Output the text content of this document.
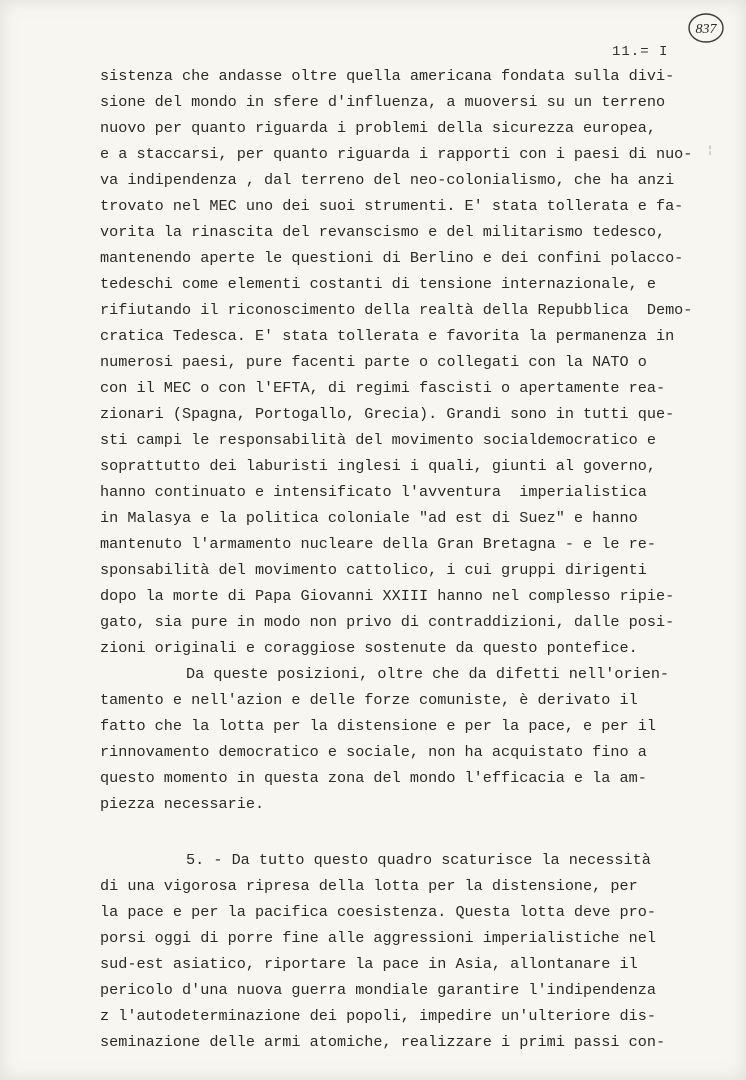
837
11.= I
¦
sistenza che andasse oltre quella americana fondata sulla divi-
sione del mondo in sfere d'influenza, a muoversi su un terreno
nuovo per quanto riguarda i problemi della sicurezza europea,
e a staccarsi, per quanto riguarda i rapporti con i paesi di nuo-
va indipendenza , dal terreno del neo-colonialismo, che ha anzi
trovato nel MEC uno dei suoi strumenti. E' stata tollerata e fa-
vorita la rinascita del revanscismo e del militarismo tedesco,
mantenendo aperte le questioni di Berlino e dei confini polacco-
tedeschi come elementi costanti di tensione internazionale, e
rifiutando il riconoscimento della realtà della Repubblica  Demo-
cratica Tedesca. E' stata tollerata e favorita la permanenza in
numerosi paesi, pure facenti parte o collegati con la NATO o
con il MEC o con l'EFTA, di regimi fascisti o apertamente rea-
zionari (Spagna, Portogallo, Grecia). Grandi sono in tutti que-
sti campi le responsabilità del movimento socialdemocratico e
soprattutto dei laburisti inglesi i quali, giunti al governo,
hanno continuato e intensificato l'avventura  imperialistica
in Malasya e la politica coloniale "ad est di Suez" e hanno
mantenuto l'armamento nucleare della Gran Bretagna - e le re-
sponsabilità del movimento cattolico, i cui gruppi dirigenti
dopo la morte di Papa Giovanni XXIII hanno nel complesso ripie-
gato, sia pure in modo non privo di contraddizioni, dalle posi-
zioni originali e coraggiose sostenute da questo pontefice.
Da queste posizioni, oltre che da difetti nell'orien-
tamento e nell'azion e delle forze comuniste, è derivato il
fatto che la lotta per la distensione e per la pace, e per il
rinnovamento democratico e sociale, non ha acquistato fino a
questo momento in questa zona del mondo l'efficacia e la am-
piezza necessarie.
5. - Da tutto questo quadro scaturisce la necessità
di una vigorosa ripresa della lotta per la distensione, per
la pace e per la pacifica coesistenza. Questa lotta deve pro-
porsi oggi di porre fine alle aggressioni imperialistiche nel
sud-est asiatico, riportare la pace in Asia, allontanare il
pericolo d'una nuova guerra mondiale garantire l'indipendenza
z l'autodeterminazione dei popoli, impedire un'ulteriore dis-
seminazione delle armi atomiche, realizzare i primi passi con-
